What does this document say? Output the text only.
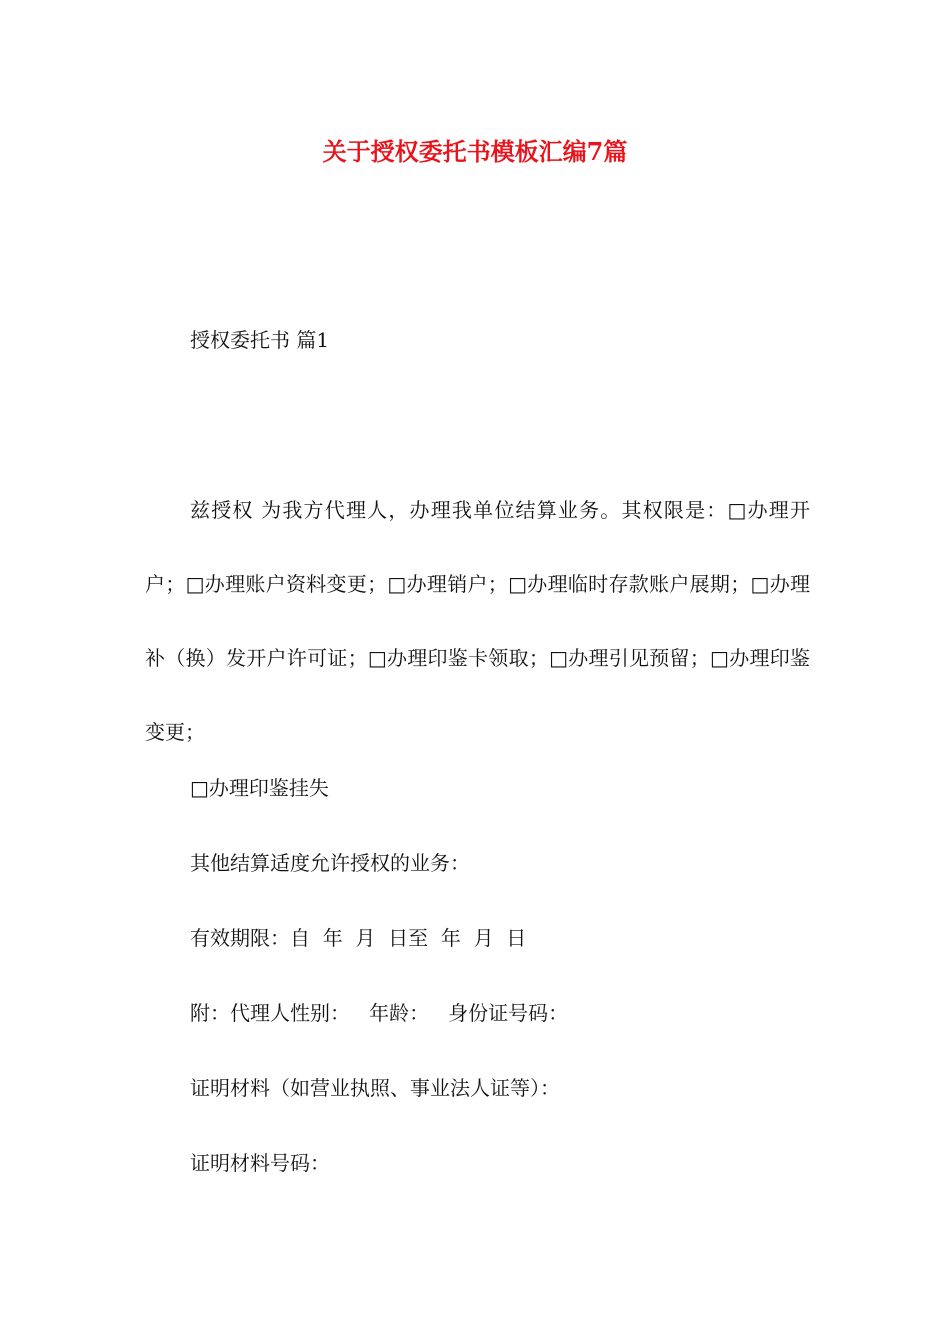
关于授权委托书模板汇编7篇

授权委托书 篇1

兹授权 为我方代理人，办理我单位结算业务。其权限是：□办理开户；□办理账户资料变更；□办理销户；□办理临时存款账户展期；□办理补（换）发开户许可证；□办理印鉴卡领取；□办理引见预留；□办理印鉴变更；

□办理印鉴挂失

其他结算适度允许授权的业务：

有效期限：自  年  月  日至  年  月  日

附：代理人性别：   年龄：   身份证号码：

证明材料（如营业执照、事业法人证等）：

证明材料号码：
